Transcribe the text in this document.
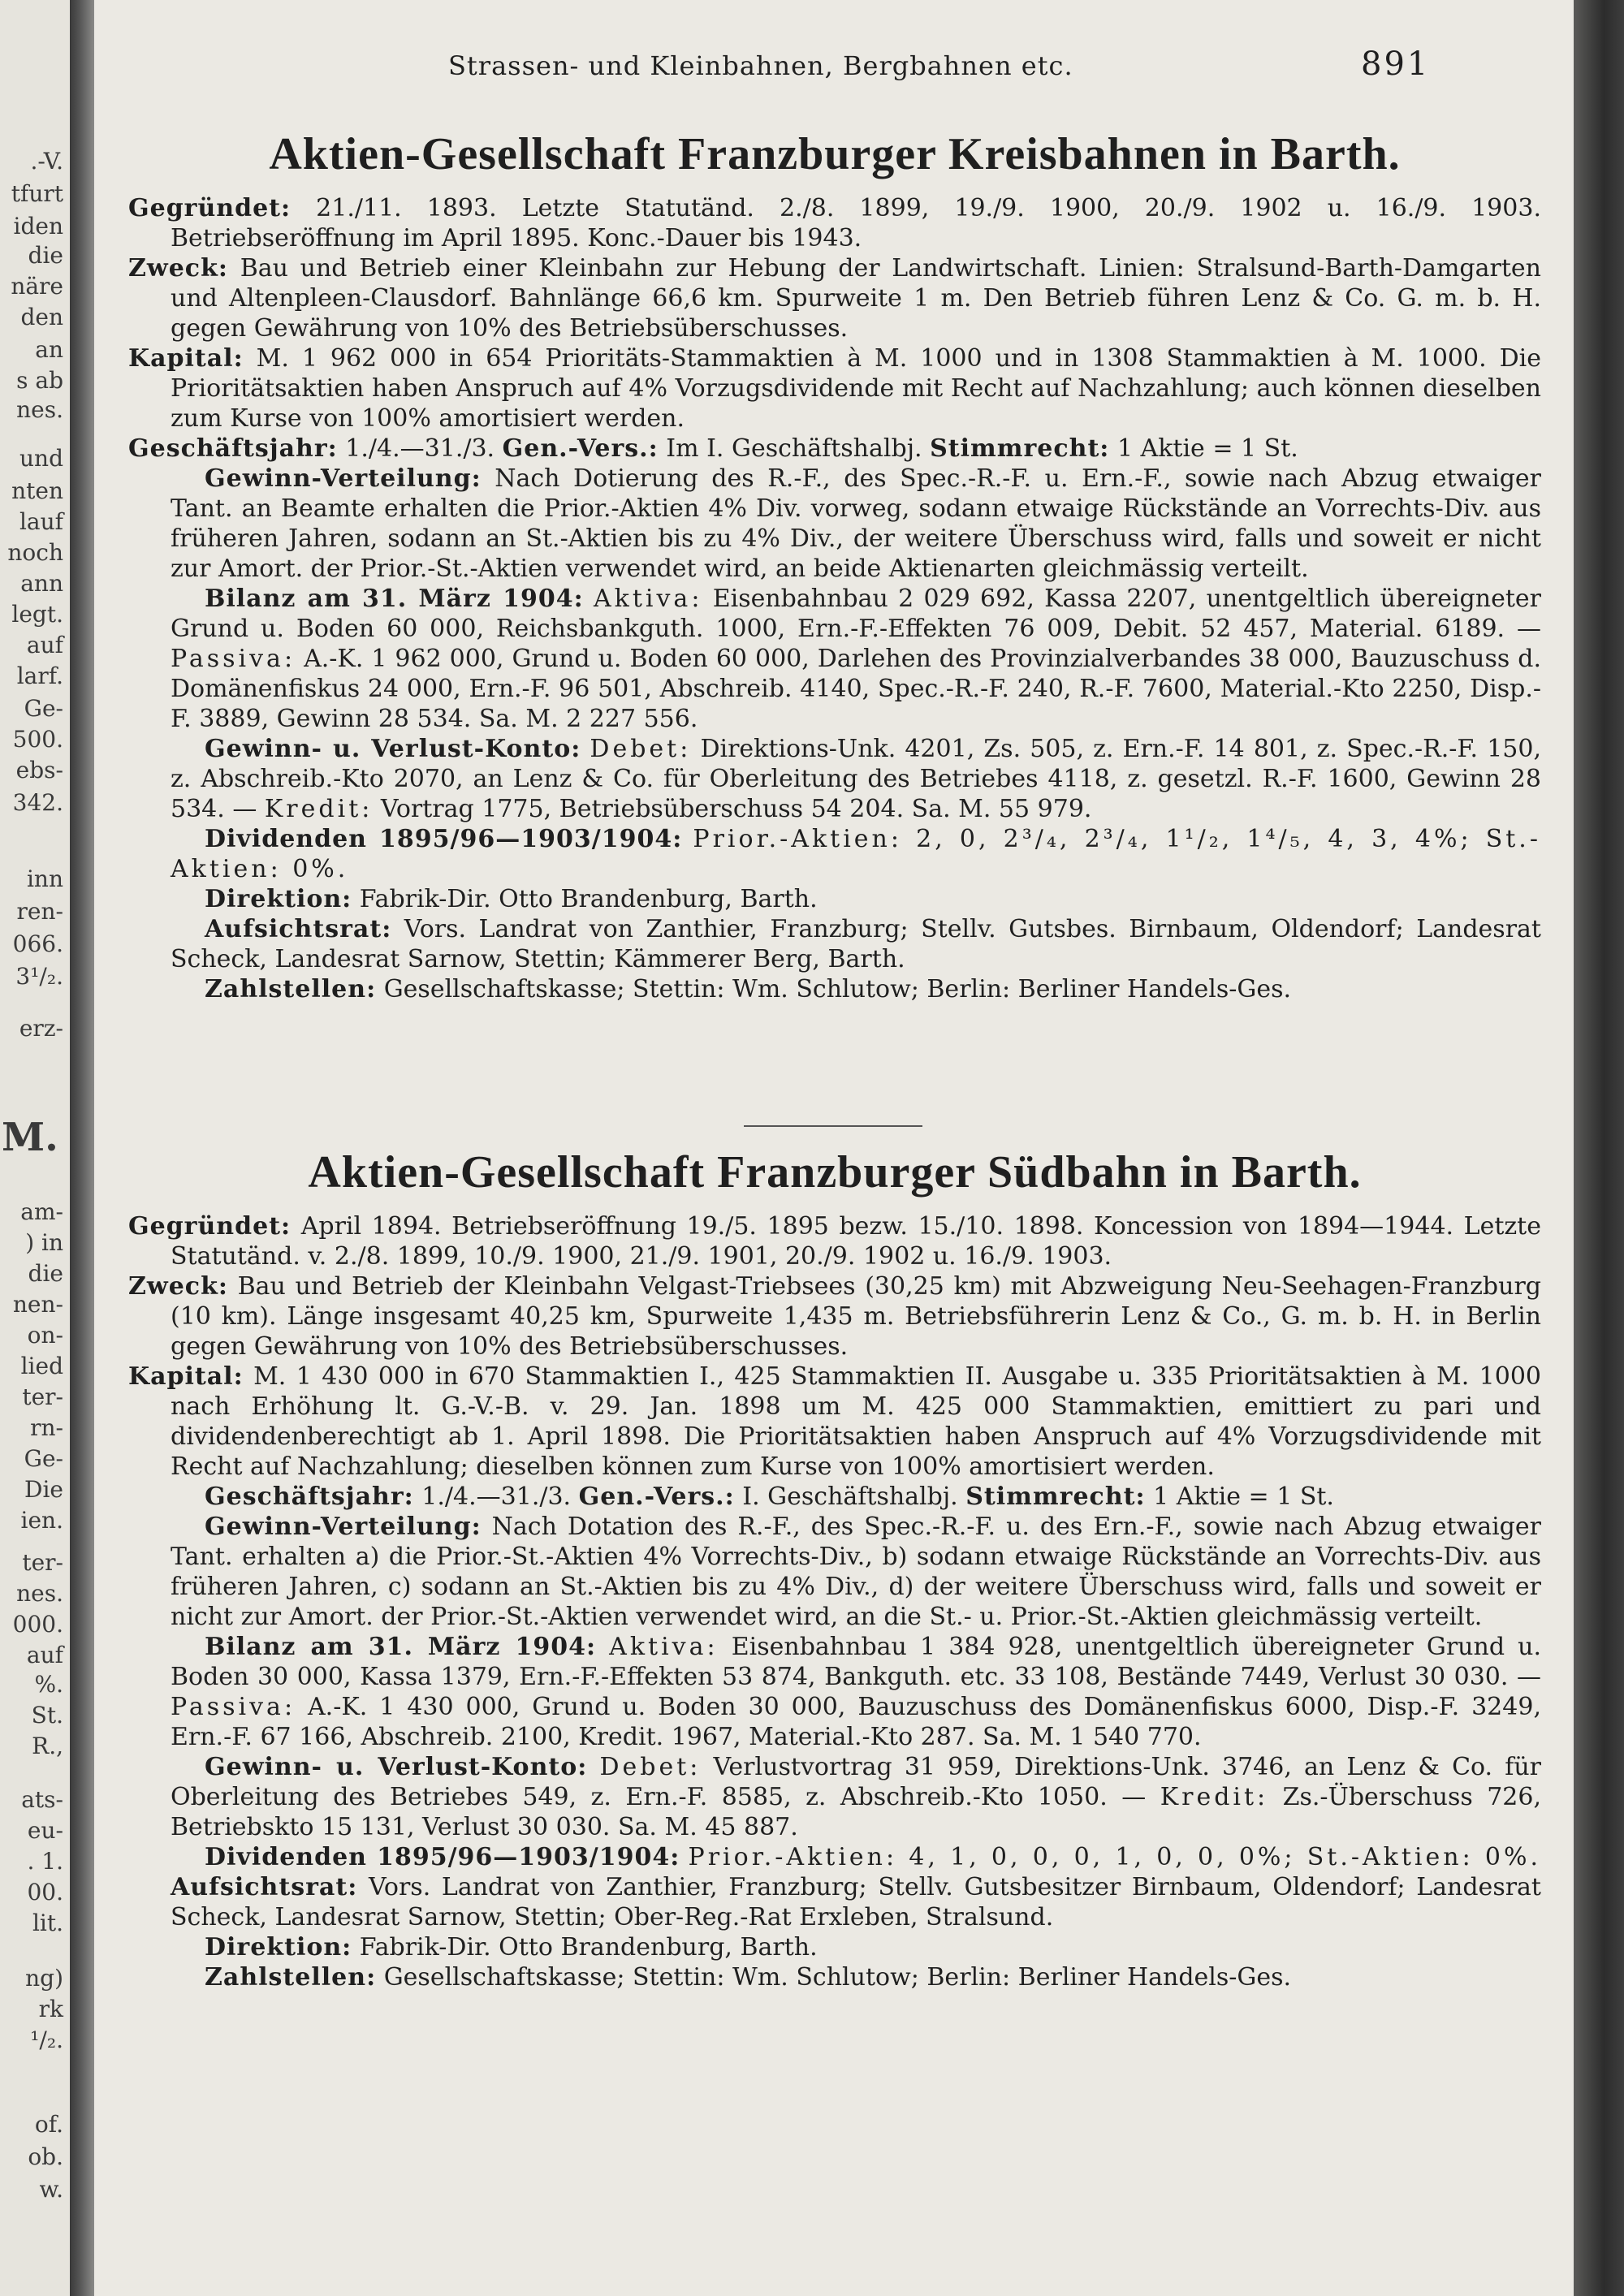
.-V.
tfurt
iden
die
näre
den
an
s ab
nes.
und
nten
lauf
noch
ann
legt.
auf
larf.
Ge-
500.
ebs-
342.
inn
ren-
066.
3¹/₂.
erz-
M.
am-
) in
die
nen-
on-
lied
ter-
rn-
Ge-
Die
ien.
ter-
nes.
000.
auf
%.
St.
R.,
ats-
eu-
. 1.
00.
lit.
ng)
rk
¹/₂.
of.
ob.
w.
Strassen- und Kleinbahnen, Bergbahnen etc.	891
Aktien-Gesellschaft Franzburger Kreisbahnen in Barth.

Gegründet: 21./11. 1893. Letzte Statutänd. 2./8. 1899, 19./9. 1900, 20./9. 1902 u. 16./9. 1903. Betriebseröffnung im April 1895. Konc.-Dauer bis 1943.

Zweck: Bau und Betrieb einer Kleinbahn zur Hebung der Landwirtschaft. Linien: Stralsund-Barth-Damgarten und Altenpleen-Clausdorf. Bahnlänge 66,6 km. Spurweite 1 m. Den Betrieb führen Lenz & Co. G. m. b. H. gegen Gewährung von 10% des Betriebsüberschusses.

Kapital: M. 1 962 000 in 654 Prioritäts-Stammaktien à M. 1000 und in 1308 Stammaktien à M. 1000. Die Prioritätsaktien haben Anspruch auf 4% Vorzugsdividende mit Recht auf Nachzahlung; auch können dieselben zum Kurse von 100% amortisiert werden.

Geschäftsjahr: 1./4.—31./3. Gen.-Vers.: Im I. Geschäftshalbj. Stimmrecht: 1 Aktie = 1 St.

Gewinn-Verteilung: Nach Dotierung des R.-F., des Spec.-R.-F. u. Ern.-F., sowie nach Abzug etwaiger Tant. an Beamte erhalten die Prior.-Aktien 4% Div. vorweg, sodann etwaige Rückstände an Vorrechts-Div. aus früheren Jahren, sodann an St.-Aktien bis zu 4% Div., der weitere Überschuss wird, falls und soweit er nicht zur Amort. der Prior.-St.-Aktien verwendet wird, an beide Aktienarten gleichmässig verteilt.

Bilanz am 31. März 1904: Aktiva: Eisenbahnbau 2 029 692, Kassa 2207, unentgeltlich übereigneter Grund u. Boden 60 000, Reichsbankguth. 1000, Ern.-F.-Effekten 76 009, Debit. 52 457, Material. 6189. — Passiva: A.-K. 1 962 000, Grund u. Boden 60 000, Darlehen des Provinzialverbandes 38 000, Bauzuschuss d. Domänenfiskus 24 000, Ern.-F. 96 501, Abschreib. 4140, Spec.-R.-F. 240, R.-F. 7600, Material.-Kto 2250, Disp.-F. 3889, Gewinn 28 534. Sa. M. 2 227 556.

Gewinn- u. Verlust-Konto: Debet: Direktions-Unk. 4201, Zs. 505, z. Ern.-F. 14 801, z. Spec.-R.-F. 150, z. Abschreib.-Kto 2070, an Lenz & Co. für Oberleitung des Betriebes 4118, z. gesetzl. R.-F. 1600, Gewinn 28 534. — Kredit: Vortrag 1775, Betriebsüberschuss 54 204. Sa. M. 55 979.

Dividenden 1895/96—1903/1904: Prior.-Aktien: 2, 0, 2³/₄, 2³/₄, 1¹/₂, 1⁴/₅, 4, 3, 4%; St.-Aktien: 0%.

Direktion: Fabrik-Dir. Otto Brandenburg, Barth.

Aufsichtsrat: Vors. Landrat von Zanthier, Franzburg; Stellv. Gutsbes. Birnbaum, Oldendorf; Landesrat Scheck, Landesrat Sarnow, Stettin; Kämmerer Berg, Barth.

Zahlstellen: Gesellschaftskasse; Stettin: Wm. Schlutow; Berlin: Berliner Handels-Ges.

Aktien-Gesellschaft Franzburger Südbahn in Barth.

Gegründet: April 1894. Betriebseröffnung 19./5. 1895 bezw. 15./10. 1898. Koncession von 1894—1944. Letzte Statutänd. v. 2./8. 1899, 10./9. 1900, 21./9. 1901, 20./9. 1902 u. 16./9. 1903.

Zweck: Bau und Betrieb der Kleinbahn Velgast-Triebsees (30,25 km) mit Abzweigung Neu-Seehagen-Franzburg (10 km). Länge insgesamt 40,25 km, Spurweite 1,435 m. Betriebsführerin Lenz & Co., G. m. b. H. in Berlin gegen Gewährung von 10% des Betriebsüberschusses.

Kapital: M. 1 430 000 in 670 Stammaktien I., 425 Stammaktien II. Ausgabe u. 335 Prioritätsaktien à M. 1000 nach Erhöhung lt. G.-V.-B. v. 29. Jan. 1898 um M. 425 000 Stammaktien, emittiert zu pari und dividendenberechtigt ab 1. April 1898. Die Prioritätsaktien haben Anspruch auf 4% Vorzugsdividende mit Recht auf Nachzahlung; dieselben können zum Kurse von 100% amortisiert werden.

Geschäftsjahr: 1./4.—31./3. Gen.-Vers.: I. Geschäftshalbj. Stimmrecht: 1 Aktie = 1 St.

Gewinn-Verteilung: Nach Dotation des R.-F., des Spec.-R.-F. u. des Ern.-F., sowie nach Abzug etwaiger Tant. erhalten a) die Prior.-St.-Aktien 4% Vorrechts-Div., b) sodann etwaige Rückstände an Vorrechts-Div. aus früheren Jahren, c) sodann an St.-Aktien bis zu 4% Div., d) der weitere Überschuss wird, falls und soweit er nicht zur Amort. der Prior.-St.-Aktien verwendet wird, an die St.- u. Prior.-St.-Aktien gleichmässig verteilt.

Bilanz am 31. März 1904: Aktiva: Eisenbahnbau 1 384 928, unentgeltlich übereigneter Grund u. Boden 30 000, Kassa 1379, Ern.-F.-Effekten 53 874, Bankguth. etc. 33 108, Bestände 7449, Verlust 30 030. — Passiva: A.-K. 1 430 000, Grund u. Boden 30 000, Bauzuschuss des Domänenfiskus 6000, Disp.-F. 3249, Ern.-F. 67 166, Abschreib. 2100, Kredit. 1967, Material.-Kto 287. Sa. M. 1 540 770.

Gewinn- u. Verlust-Konto: Debet: Verlustvortrag 31 959, Direktions-Unk. 3746, an Lenz & Co. für Oberleitung des Betriebes 549, z. Ern.-F. 8585, z. Abschreib.-Kto 1050. — Kredit: Zs.-Überschuss 726, Betriebskto 15 131, Verlust 30 030. Sa. M. 45 887.

Dividenden 1895/96—1903/1904: Prior.-Aktien: 4, 1, 0, 0, 0, 1, 0, 0, 0%; St.-Aktien: 0%. Aufsichtsrat: Vors. Landrat von Zanthier, Franzburg; Stellv. Gutsbesitzer Birnbaum, Oldendorf; Landesrat Scheck, Landesrat Sarnow, Stettin; Ober-Reg.-Rat Erxleben, Stralsund.

Direktion: Fabrik-Dir. Otto Brandenburg, Barth.

Zahlstellen: Gesellschaftskasse; Stettin: Wm. Schlutow; Berlin: Berliner Handels-Ges.
